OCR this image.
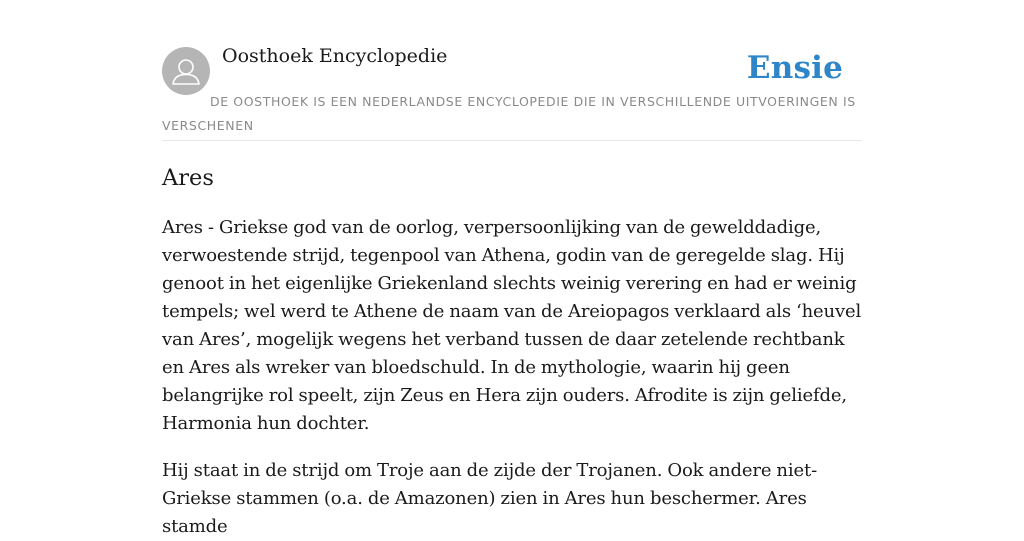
Oosthoek Encyclopedie	Ensie
DE OOSTHOEK IS EEN NEDERLANDSE ENCYCLOPEDIE DIE IN VERSCHILLENDE UITVOERINGEN IS VERSCHENEN
Ares

Ares - Griekse god van de oorlog, verpersoonlijking van de gewelddadige, verwoestende strijd, tegenpool van Athena, godin van de geregelde slag. Hij genoot in het eigenlijke Griekenland slechts weinig verering en had er weinig tempels; wel werd te Athene de naam van de Areiopagos verklaard als ‘heuvel van Ares’, mogelijk wegens het verband tussen de daar zetelende rechtbank en Ares als wreker van bloedschuld. In de mythologie, waarin hij geen belangrijke rol speelt, zijn Zeus en Hera zijn ouders. Afrodite is zijn geliefde, Harmonia hun dochter.

Hij staat in de strijd om Troje aan de zijde der Trojanen. Ook andere niet-Griekse stammen (o.a. de Amazonen) zien in Ares hun beschermer. Ares stamde
